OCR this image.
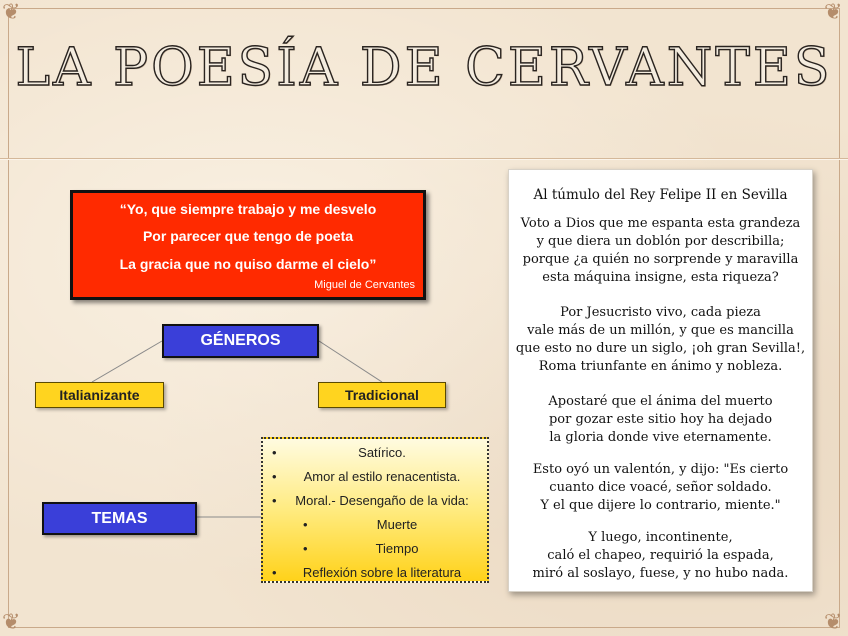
❦	❦
❦	❦
LA POESÍA DE CERVANTES
“Yo, que siempre trabajo y me desvelo
Por parecer que tengo de poeta
La gracia que no quiso darme el cielo”
Miguel de Cervantes
GÉNEROS
Italianizante	Tradicional
TEMAS
•	Satírico.
•	Amor al estilo renacentista.
•	Moral.- Desengaño de la vida:
•	Muerte
•	Tiempo
•	Reflexión sobre la literatura
Al túmulo del Rey Felipe II en Sevilla
Voto a Dios que me espanta esta grandeza
y que diera un doblón por describilla;
porque ¿a quién no sorprende y maravilla
esta máquina insigne, esta riqueza?
Por Jesucristo vivo, cada pieza
vale más de un millón, y que es mancilla
que esto no dure un siglo, ¡oh gran Sevilla!,
Roma triunfante en ánimo y nobleza.
Apostaré que el ánima del muerto
por gozar este sitio hoy ha dejado
la gloria donde vive eternamente.
Esto oyó un valentón, y dijo: "Es cierto
cuanto dice voacé, señor soldado.
Y el que dijere lo contrario, miente."
Y luego, incontinente,
caló el chapeo, requirió la espada,
miró al soslayo, fuese, y no hubo nada.
